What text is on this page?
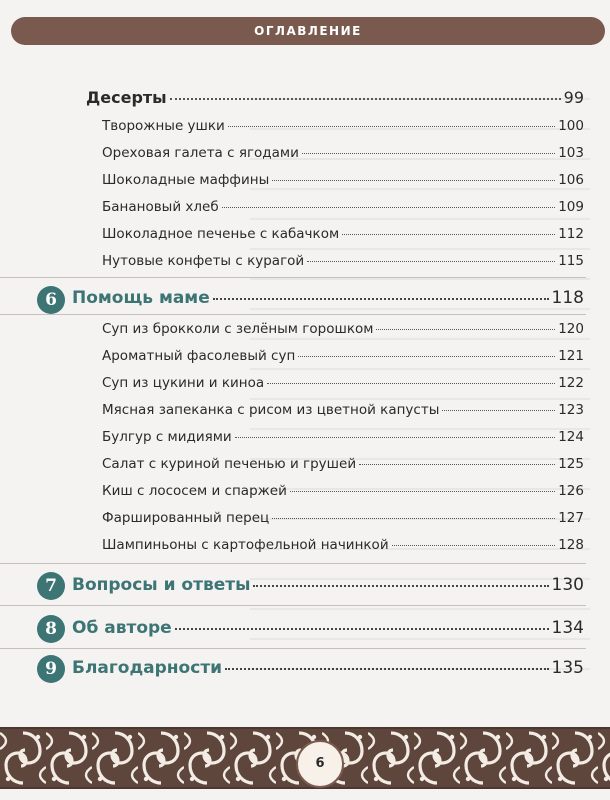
ОГЛАВЛЕНИЕ
Десерты	99
Творожные ушки	100
Ореховая галета с ягодами	103
Шоколадные маффины	106
Банановый хлеб	109
Шоколадное печенье с кабачком	112
Нутовые конфеты с курагой	115
6 Помощь маме	118
Суп из брокколи с зелёным горошком	120
Ароматный фасолевый суп	121
Суп из цукини и киноа	122
Мясная запеканка с рисом из цветной капусты	123
Булгур с мидиями	124
Салат с куриной печенью и грушей	125
Киш с лососем и спаржей	126
Фаршированный перец	127
Шампиньоны с картофельной начинкой	128
7 Вопросы и ответы	130
8 Об авторе	134
9 Благодарности	135
6
